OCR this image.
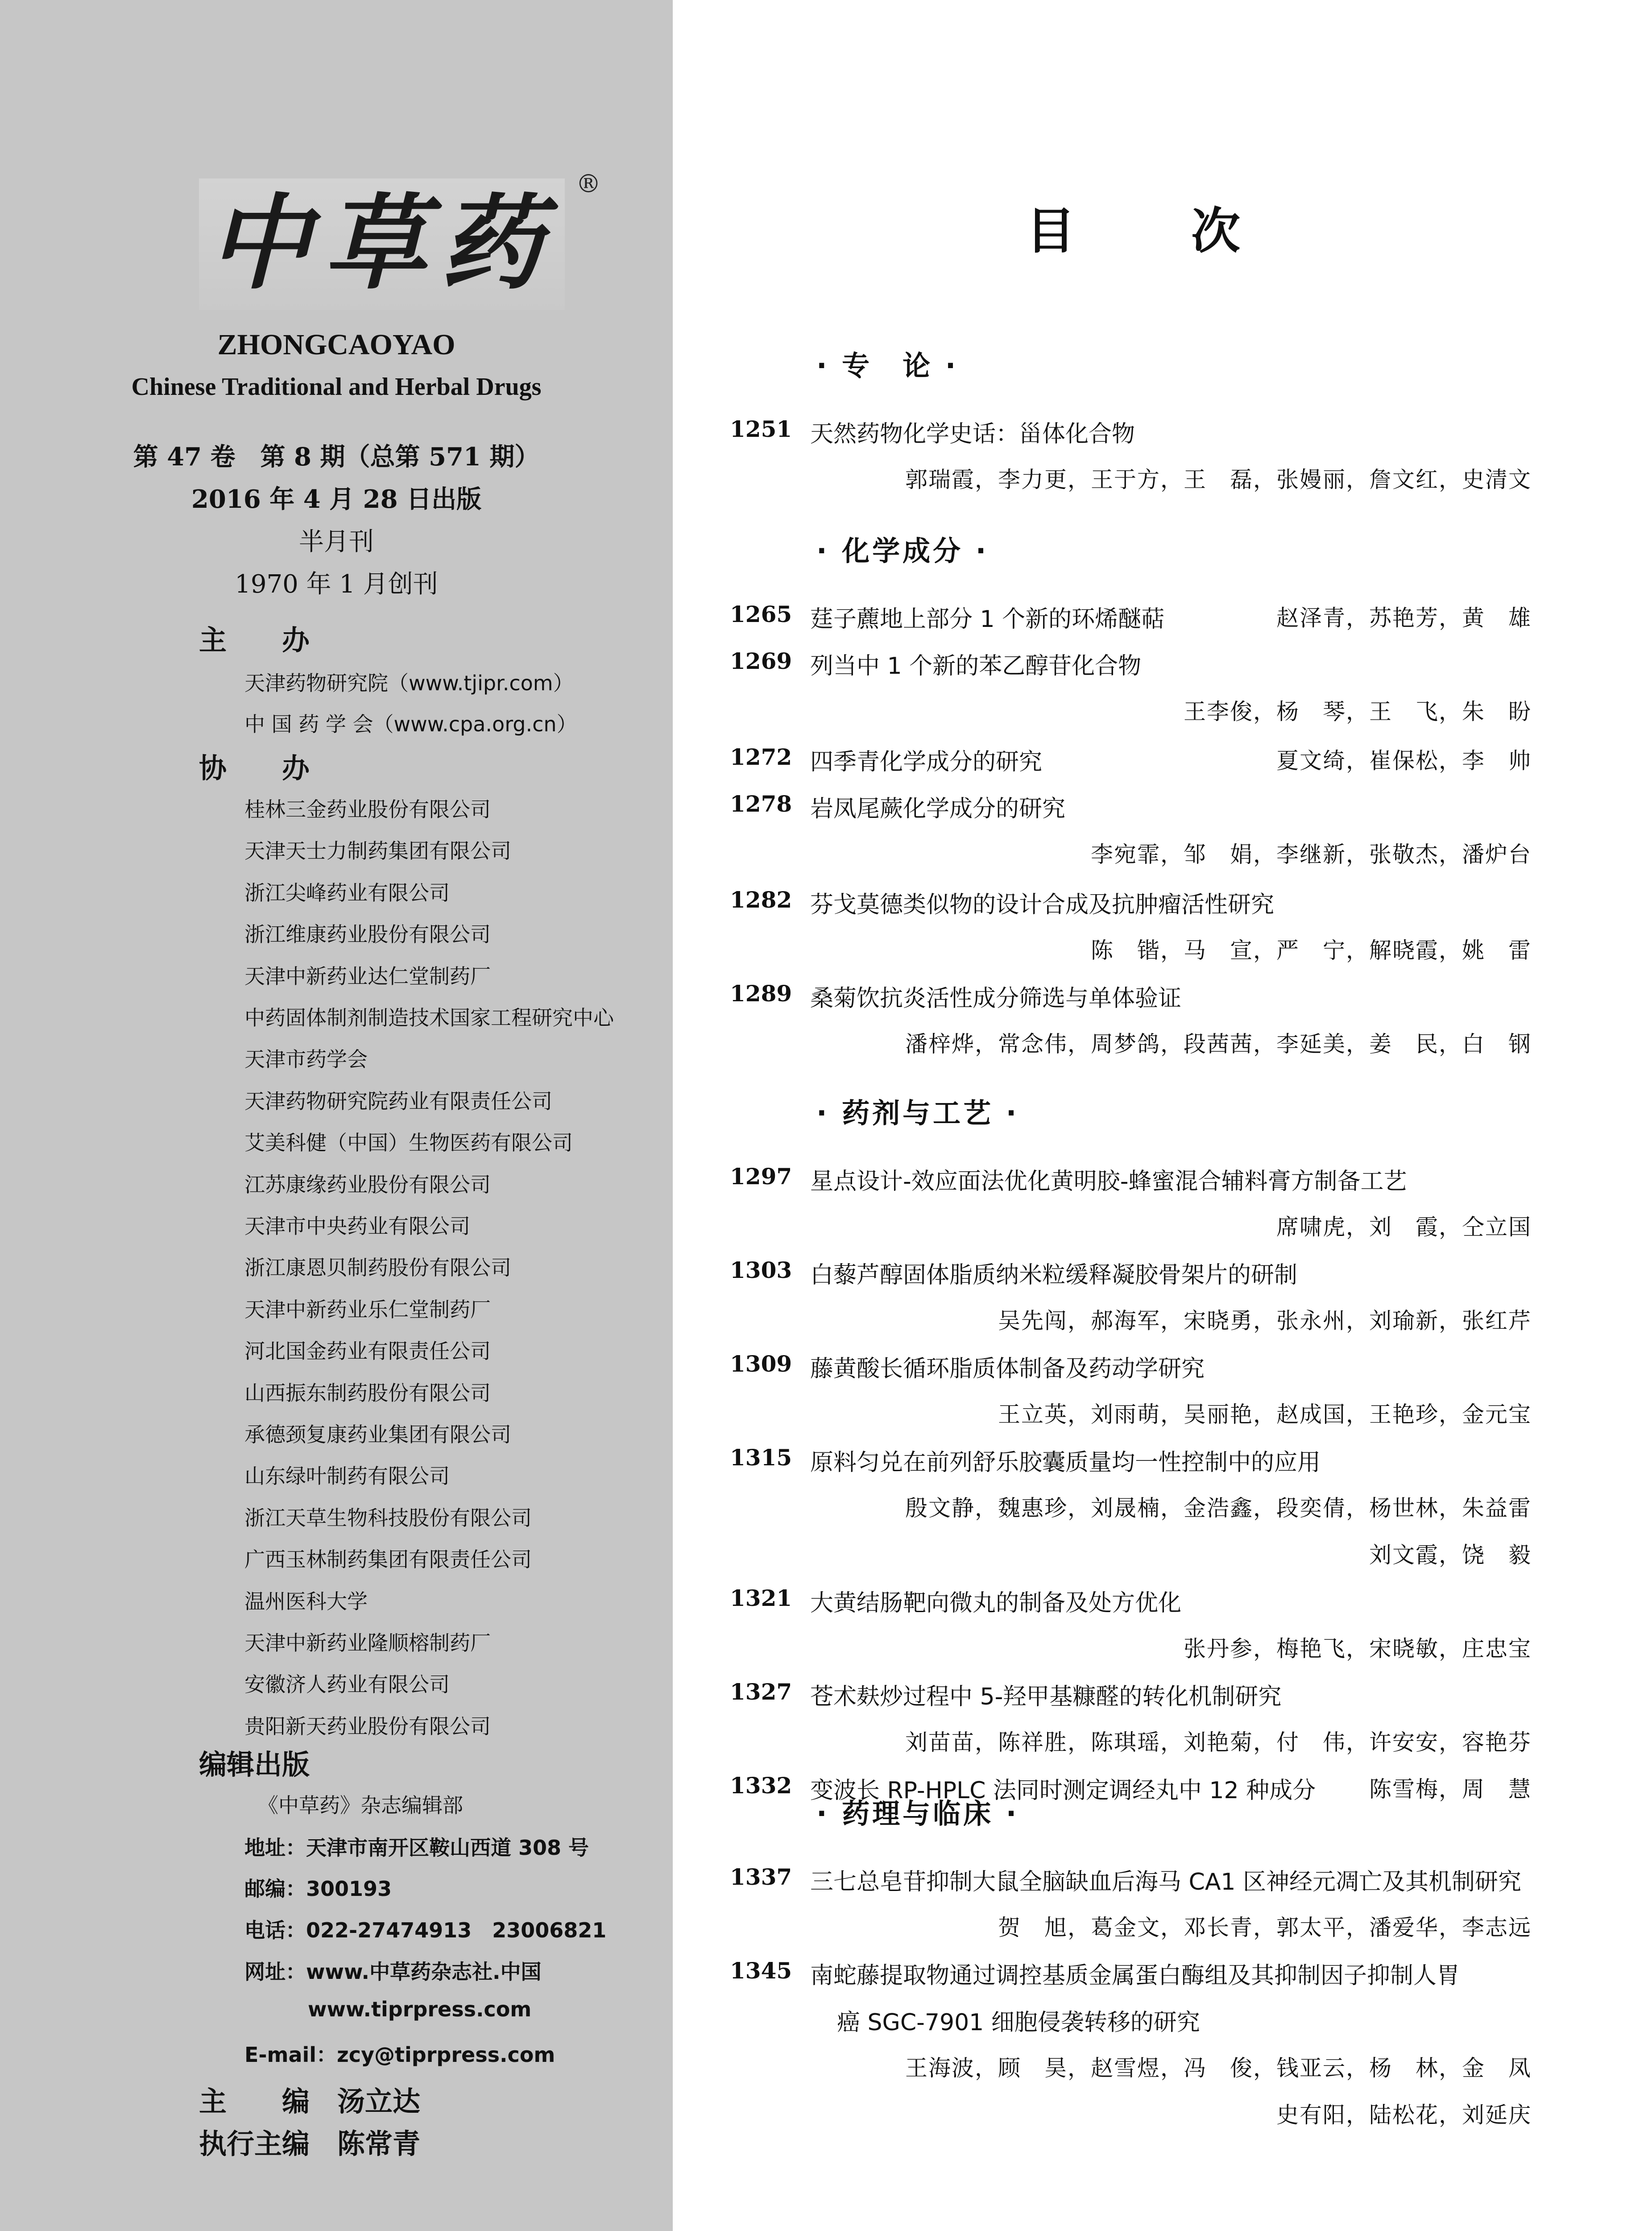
中草药 ®
ZHONGCAOYAO
Chinese Traditional and Herbal Drugs
第 47 卷　第 8 期（总第 571 期）
2016 年 4 月 28 日出版
半月刊
1970 年 1 月创刊
主　　办
天津药物研究院（www.tjipr.com）
中 国 药 学 会（www.cpa.org.cn）
协　　办
桂林三金药业股份有限公司
天津天士力制药集团有限公司
浙江尖峰药业有限公司
浙江维康药业股份有限公司
天津中新药业达仁堂制药厂
中药固体制剂制造技术国家工程研究中心
天津市药学会
天津药物研究院药业有限责任公司
艾美科健（中国）生物医药有限公司
江苏康缘药业股份有限公司
天津市中央药业有限公司
浙江康恩贝制药股份有限公司
天津中新药业乐仁堂制药厂
河北国金药业有限责任公司
山西振东制药股份有限公司
承德颈复康药业集团有限公司
山东绿叶制药有限公司
浙江天草生物科技股份有限公司
广西玉林制药集团有限责任公司
温州医科大学
天津中新药业隆顺榕制药厂
安徽济人药业有限公司
贵阳新天药业股份有限公司
编辑出版
《中草药》杂志编辑部
地址：天津市南开区鞍山西道 308 号
邮编：300193
电话：022-27474913　23006821
网址：www.中草药杂志社.中国
www.tiprpress.com
E-mail：zcy@tiprpress.com
主　　编　汤立达
执行主编　陈常青
目次
· 专　论 ·
1251 天然药物化学史话：甾体化合物
郭瑞霞，李力更，王于方，王　磊，张嫚丽，詹文红，史清文
· 化学成分 ·
1265 莛子藨地上部分 1 个新的环烯醚萜	赵泽青，苏艳芳，黄　雄
1269 列当中 1 个新的苯乙醇苷化合物
王李俊，杨　琴，王　飞，朱　盼
1272 四季青化学成分的研究	夏文绮，崔保松，李　帅
1278 岩凤尾蕨化学成分的研究
李宛霏，邹　娟，李继新，张敬杰，潘炉台
1282 芬戈莫德类似物的设计合成及抗肿瘤活性研究
陈　锴，马　宣，严　宁，解晓霞，姚　雷
1289 桑菊饮抗炎活性成分筛选与单体验证
潘梓烨，常念伟，周梦鸽，段茜茜，李延美，姜　民，白　钢
· 药剂与工艺 ·
1297 星点设计-效应面法优化黄明胶-蜂蜜混合辅料膏方制备工艺
席啸虎，刘　霞，仝立国
1303 白藜芦醇固体脂质纳米粒缓释凝胶骨架片的研制
吴先闯，郝海军，宋晓勇，张永州，刘瑜新，张红芹
1309 藤黄酸长循环脂质体制备及药动学研究
王立英，刘雨萌，吴丽艳，赵成国，王艳珍，金元宝
1315 原料匀兑在前列舒乐胶囊质量均一性控制中的应用
殷文静，魏惠珍，刘晟楠，金浩鑫，段奕倩，杨世林，朱益雷
刘文霞，饶　毅
1321 大黄结肠靶向微丸的制备及处方优化
张丹参，梅艳飞，宋晓敏，庄忠宝
1327 苍术麸炒过程中 5-羟甲基糠醛的转化机制研究
刘苗苗，陈祥胜，陈琪瑶，刘艳菊，付　伟，许安安，容艳芬
1332 变波长 RP-HPLC 法同时测定调经丸中 12 种成分 陈雪梅，周　慧
· 药理与临床 ·
1337 三七总皂苷抑制大鼠全脑缺血后海马 CA1 区神经元凋亡及其机制研究
贺　旭，葛金文，邓长青，郭太平，潘爱华，李志远
1345 南蛇藤提取物通过调控基质金属蛋白酶组及其抑制因子抑制人胃
癌 SGC-7901 细胞侵袭转移的研究
王海波，顾　昊，赵雪煜，冯　俊，钱亚云，杨　林，金　凤
史有阳，陆松花，刘延庆
